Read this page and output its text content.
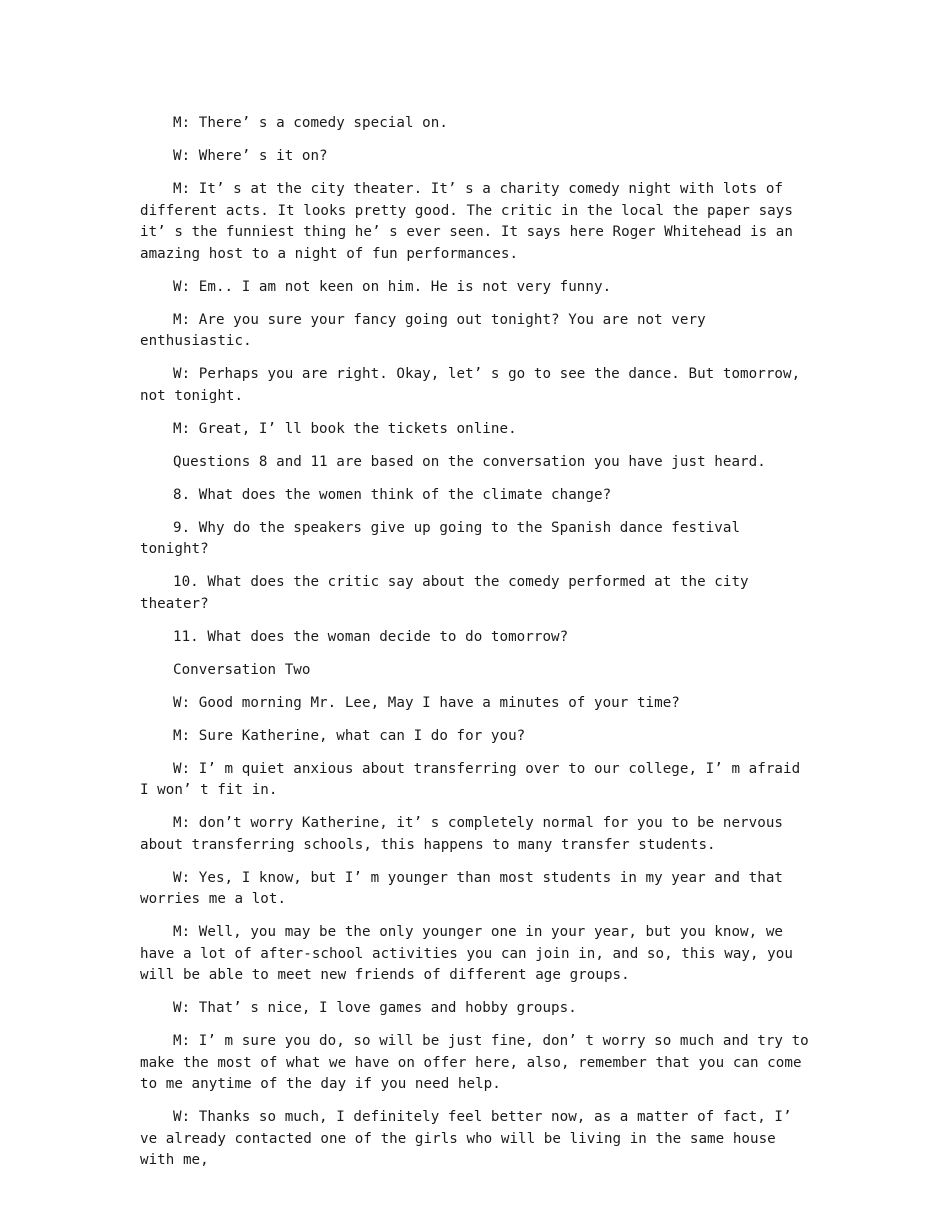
M: There’ s a comedy special on.

W: Where’ s it on?

M: It’ s at the city theater. It’ s a charity comedy night with lots of different acts. It looks pretty good. The critic in the local the paper says it’ s the funniest thing he’ s ever seen. It says here Roger Whitehead is an amazing host to a night of fun performances.

W: Em.. I am not keen on him. He is not very funny.

M: Are you sure your fancy going out tonight? You are not very enthusiastic.

W: Perhaps you are right. Okay, let’ s go to see the dance. But tomorrow, not tonight.

M: Great, I’ ll book the tickets online.

Questions 8 and 11 are based on the conversation you have just heard.

8. What does the women think of the climate change?

9. Why do the speakers give up going to the Spanish dance festival tonight?

10. What does the critic say about the comedy performed at the city theater?

11. What does the woman decide to do tomorrow?

Conversation Two

W: Good morning Mr. Lee, May I have a minutes of your time?

M: Sure Katherine, what can I do for you?

W: I’ m quiet anxious about transferring over to our college, I’ m afraid I won’ t fit in.

M: don’t worry Katherine, it’ s completely normal for you to be nervous about transferring schools, this happens to many transfer students.

W: Yes, I know, but I’ m younger than most students in my year and that worries me a lot.

M: Well, you may be the only younger one in your year, but you know, we have a lot of after-school activities you can join in, and so, this way, you will be able to meet new friends of different age groups.

W: That’ s nice, I love games and hobby groups.

M: I’ m sure you do, so will be just fine, don’ t worry so much and try to make the most of what we have on offer here, also, remember that you can come to me anytime of the day if you need help.

W: Thanks so much, I definitely feel better now, as a matter of fact, I’ ve already contacted one of the girls who will be living in the same house with me,
